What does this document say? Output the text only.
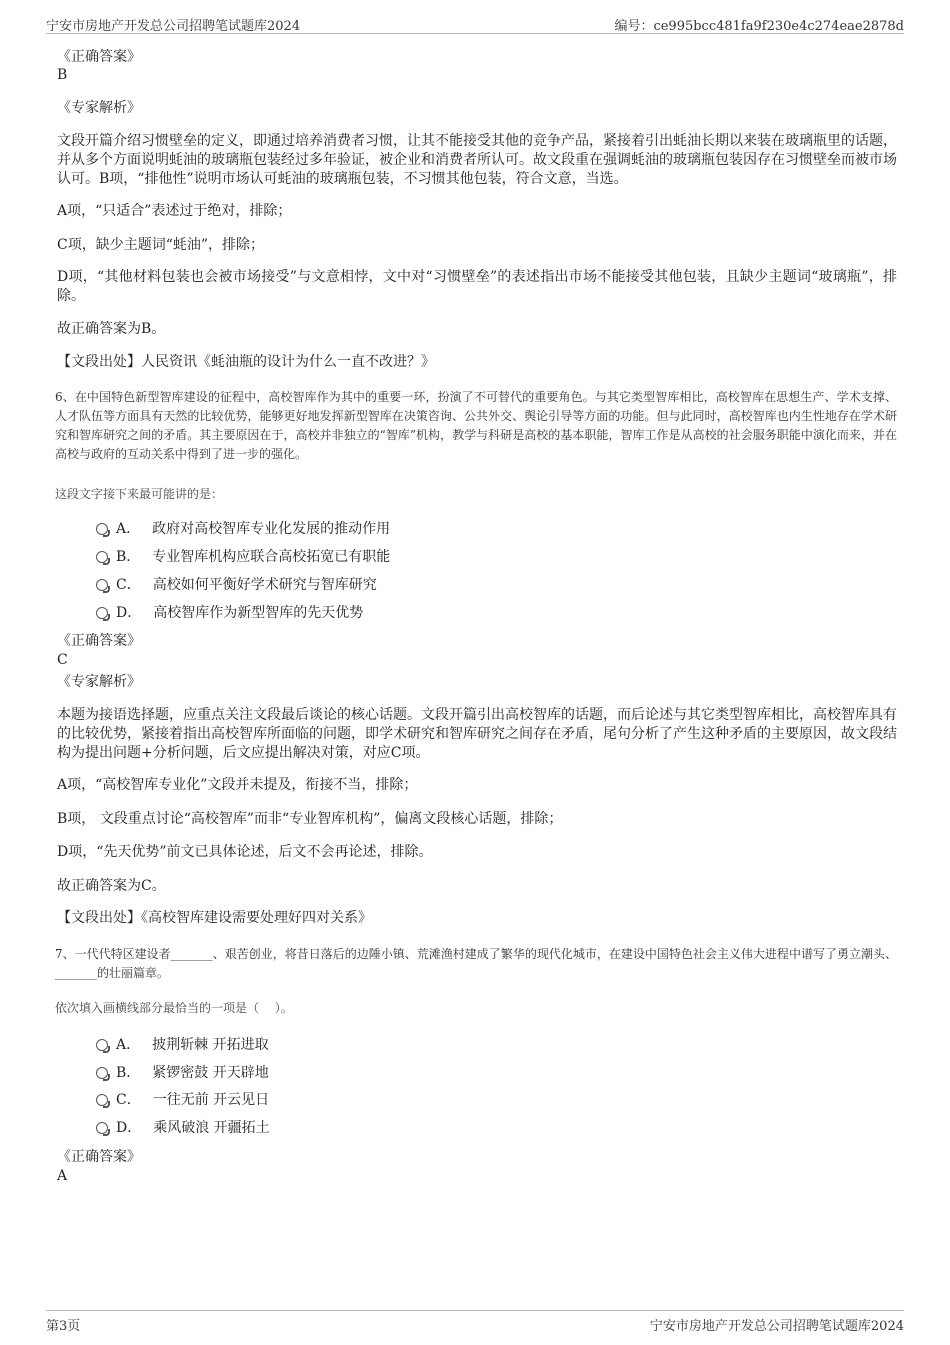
宁安市房地产开发总公司招聘笔试题库2024	编号：ce995bcc481fa9f230e4c274eae2878d
《正确答案》
B
《专家解析》
文段开篇介绍习惯壁垒的定义，即通过培养消费者习惯，让其不能接受其他的竞争产品，紧接着引出蚝油长期以来装在玻璃瓶里的话题，并从多个方面说明蚝油的玻璃瓶包装经过多年验证，被企业和消费者所认可。故文段重在强调蚝油的玻璃瓶包装因存在习惯壁垒而被市场认可。B项，“排他性”说明市场认可蚝油的玻璃瓶包装，不习惯其他包装，符合文意，当选。
A项，“只适合”表述过于绝对，排除；
C项，缺少主题词“蚝油”，排除；
D项，“其他材料包装也会被市场接受”与文意相悖，文中对“习惯壁垒”的表述指出市场不能接受其他包装，且缺少主题词“玻璃瓶”，排除。
故正确答案为B。
【文段出处】人民资讯《蚝油瓶的设计为什么一直不改进？》
6、在中国特色新型智库建设的征程中，高校智库作为其中的重要一环，扮演了不可替代的重要角色。与其它类型智库相比，高校智库在思想生产、学术支撑、人才队伍等方面具有天然的比较优势，能够更好地发挥新型智库在决策咨询、公共外交、舆论引导等方面的功能。但与此同时，高校智库也内生性地存在学术研究和智库研究之间的矛盾。其主要原因在于，高校并非独立的“智库”机构，教学与科研是高校的基本职能，智库工作是从高校的社会服务职能中演化而来，并在高校与政府的互动关系中得到了进一步的强化。
这段文字接下来最可能讲的是：
A． 政府对高校智库专业化发展的推动作用
B． 专业智库机构应联合高校拓宽已有职能
C． 高校如何平衡好学术研究与智库研究
D． 高校智库作为新型智库的先天优势
《正确答案》
C
《专家解析》
本题为接语选择题，应重点关注文段最后谈论的核心话题。文段开篇引出高校智库的话题，而后论述与其它类型智库相比，高校智库具有的比较优势，紧接着指出高校智库所面临的问题，即学术研究和智库研究之间存在矛盾，尾句分析了产生这种矛盾的主要原因，故文段结构为提出问题+分析问题，后文应提出解决对策，对应C项。
A项，“高校智库专业化”文段并未提及，衔接不当，排除；
B项， 文段重点讨论“高校智库”而非“专业智库机构”，偏离文段核心话题，排除；
D项，“先天优势”前文已具体论述，后文不会再论述，排除。
故正确答案为C。
【文段出处】《高校智库建设需要处理好四对关系》
7、一代代特区建设者_______、艰苦创业，将昔日落后的边陲小镇、荒滩渔村建成了繁华的现代化城市，在建设中国特色社会主义伟大进程中谱写了勇立潮头、_______的壮丽篇章。
依次填入画横线部分最恰当的一项是（　 ）。
A． 披荆斩棘 开拓进取
B． 紧锣密鼓 开天辟地
C． 一往无前 开云见日
D． 乘风破浪 开疆拓土
《正确答案》
A
第3页	宁安市房地产开发总公司招聘笔试题库2024
